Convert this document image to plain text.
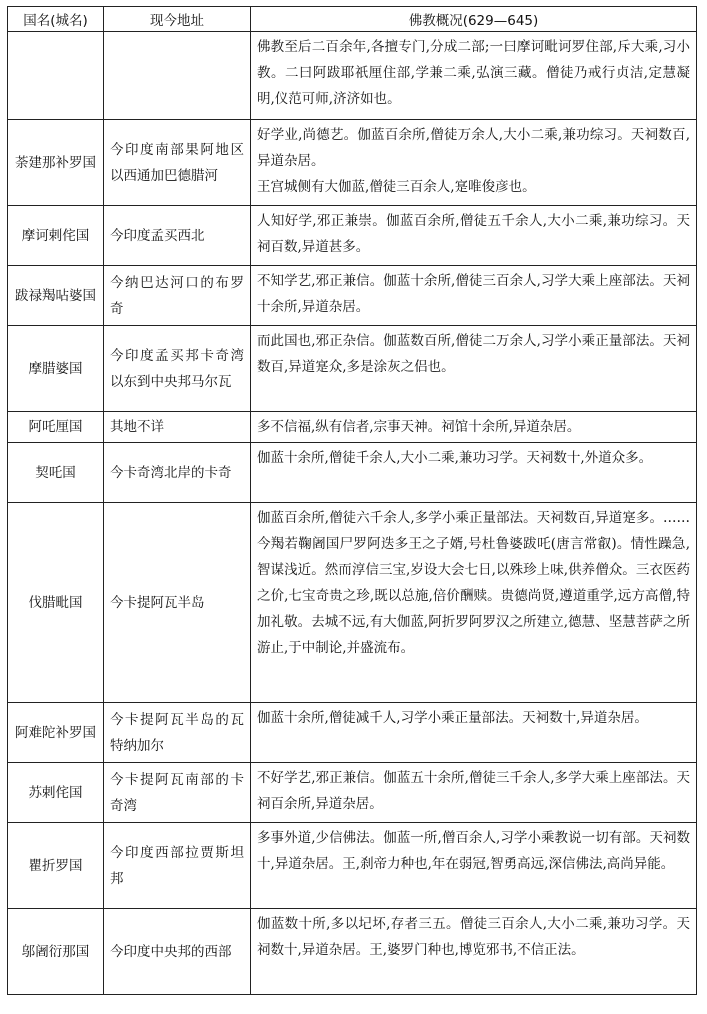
国名(城名)	现今地址	佛教概况(629—645)

		佛教至后二百余年,各擅专门,分成二部;一曰摩诃毗诃罗住部,斥大乘,习小教。二曰阿跋耶祇厘住部,学兼二乘,弘演三藏。僧徒乃戒行贞洁,定慧凝明,仪范可师,济济如也。

荼建那补罗国	今印度南部果阿地区以西通加巴德腊河	好学业,尚德艺。伽蓝百余所,僧徒万余人,大小二乘,兼功综习。天祠数百,异道杂居。

王宫城侧有大伽蓝,僧徒三百余人,寔唯俊彦也。

摩诃剌侘国	今印度孟买西北	人知好学,邪正兼崇。伽蓝百余所,僧徒五千余人,大小二乘,兼功综习。天祠百数,异道甚多。

跋禄羯呫婆国	今纳巴达河口的布罗奇	不知学艺,邪正兼信。伽蓝十余所,僧徒三百余人,习学大乘上座部法。天祠十余所,异道杂居。

摩腊婆国	今印度孟买邦卡奇湾以东到中央邦马尔瓦	而此国也,邪正杂信。伽蓝数百所,僧徒二万余人,习学小乘正量部法。天祠数百,异道寔众,多是涂灰之侣也。

阿吒厘国	其地不详	多不信福,纵有信者,宗事天神。祠馆十余所,异道杂居。

契吒国	今卡奇湾北岸的卡奇	伽蓝十余所,僧徒千余人,大小二乘,兼功习学。天祠数十,外道众多。

伐腊毗国	今卡提阿瓦半岛	伽蓝百余所,僧徒六千余人,多学小乘正量部法。天祠数百,异道寔多。……今羯若鞠阇国尸罗阿迭多王之子婿,号杜鲁婆跋吒(唐言常叡)。情性躁急,智谋浅近。然而淳信三宝,岁设大会七日,以殊珍上味,供养僧众。三衣医药之价,七宝奇贵之珍,既以总施,倍价酬赎。贵德尚贤,遵道重学,远方高僧,特加礼敬。去城不远,有大伽蓝,阿折罗阿罗汉之所建立,德慧、坚慧菩萨之所游止,于中制论,并盛流布。

阿难陀补罗国	今卡提阿瓦半岛的瓦特纳加尔	伽蓝十余所,僧徒减千人,习学小乘正量部法。天祠数十,异道杂居。

苏剌侘国	今卡提阿瓦南部的卡奇湾	不好学艺,邪正兼信。伽蓝五十余所,僧徒三千余人,多学大乘上座部法。天祠百余所,异道杂居。

瞿折罗国	今印度西部拉贾斯坦邦	多事外道,少信佛法。伽蓝一所,僧百余人,习学小乘教说一切有部。天祠数十,异道杂居。王,刹帝力种也,年在弱冠,智勇高远,深信佛法,高尚异能。

邬阇衍那国	今印度中央邦的西部	伽蓝数十所,多以圮坏,存者三五。僧徒三百余人,大小二乘,兼功习学。天祠数十,异道杂居。王,婆罗门种也,博览邪书,不信正法。
